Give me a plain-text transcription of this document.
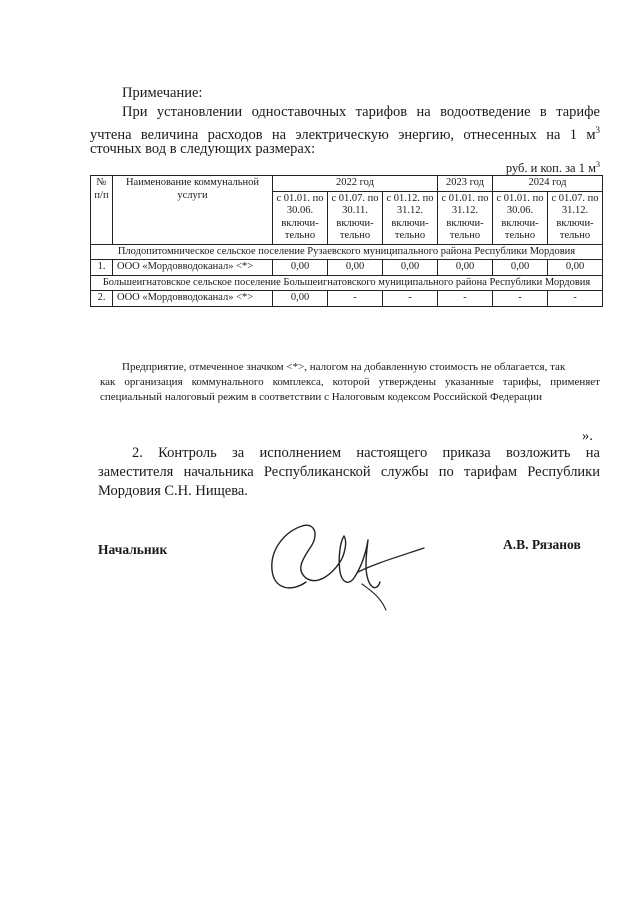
Примечание:
При установлении одноставочных тарифов на водоотведение в тарифе
учтена величина расходов на электрическую энергию, отнесенных на 1 $м^3$
сточных вод в следующих размерах:
руб. и коп. за 1 $м^3$
№ п/п	Наименование коммунальной услуги	2022 год			2023 год	2024 год	
		с 01.01. по 30.06. включи-тельно	с 01.07. по 30.11. включи-тельно	с 01.12. по 31.12. включи-тельно	с 01.01. по 31.12. включи-тельно	с 01.01. по 30.06. включи-тельно	с 01.07. по 31.12. включи-тельно
Плодопитомническое сельское поселение Рузаевского муниципального района Республики Мордовия							
1.	ООО «Мордовводоканал» <*>	0,00	0,00	0,00	0,00	0,00	0,00
Большеигнатовское сельское поселение Большеигнатовского муниципального района Республики Мордовия							
2.	ООО «Мордовводоканал» <*>	0,00	-	-	-	-	-
Предприятие, отмеченное значком <*>, налогом на добавленную стоимость не облагается, так
как организация коммунального комплекса, которой утверждены указанные тарифы, применяет
специальный налоговый режим в соответствии с Налоговым кодексом Российской Федерации
».
2. Контроль за исполнением настоящего приказа возложить на
заместителя начальника Республиканской службы по тарифам Республики
Мордовия С.Н. Нищева.
Начальник	А.В. Рязанов
